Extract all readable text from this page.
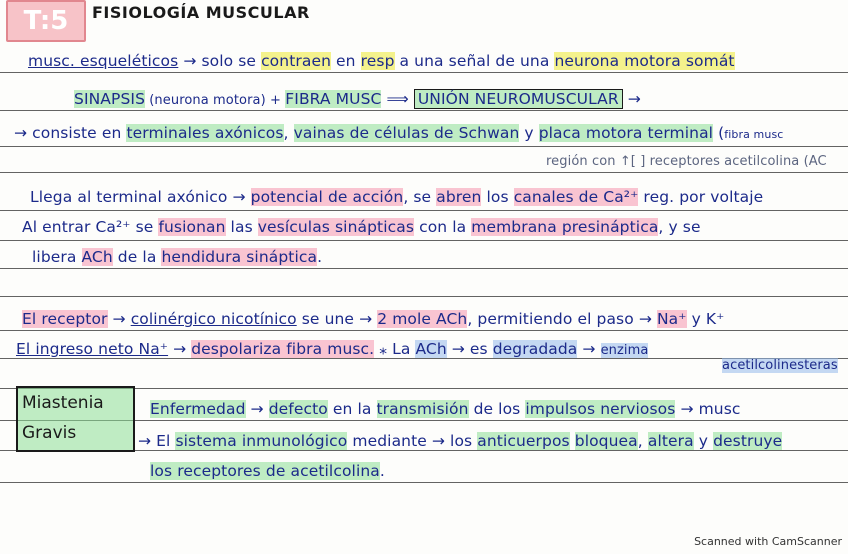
T:5	FISIOLOGÍA MUSCULAR
musc. esqueléticos → solo se contraen en resp a una señal de una neurona motora somát
SINAPSIS (neurona motora) + FIBRA MUSC ⟹ UNIÓN NEUROMUSCULAR →
→ consiste en terminales axónicos, vainas de células de Schwan y placa motora terminal (fibra musc
región con ↑[ ] receptores acetilcolina (AC
Llega al terminal axónico → potencial de acción, se abren los canales de Ca²⁺ reg. por voltaje
Al entrar Ca²⁺ se fusionan las vesículas sinápticas con la membrana presináptica, y se
libera ACh de la hendidura sináptica.
El receptor → colinérgico nicotínico se une → 2 mole ACh, permitiendo el paso → Na⁺ y K⁺
El ingreso neto Na⁺ → despolariza fibra musc. ⁎ La ACh → es degradada → enzima
acetilcolinesteras
Miastenia
Gravis
Enfermedad → defecto en la transmisión de los impulsos nerviosos → musc
→ El sistema inmunológico mediante → los anticuerpos bloquea, altera y destruye
los receptores de acetilcolina.
Scanned with CamScanner
